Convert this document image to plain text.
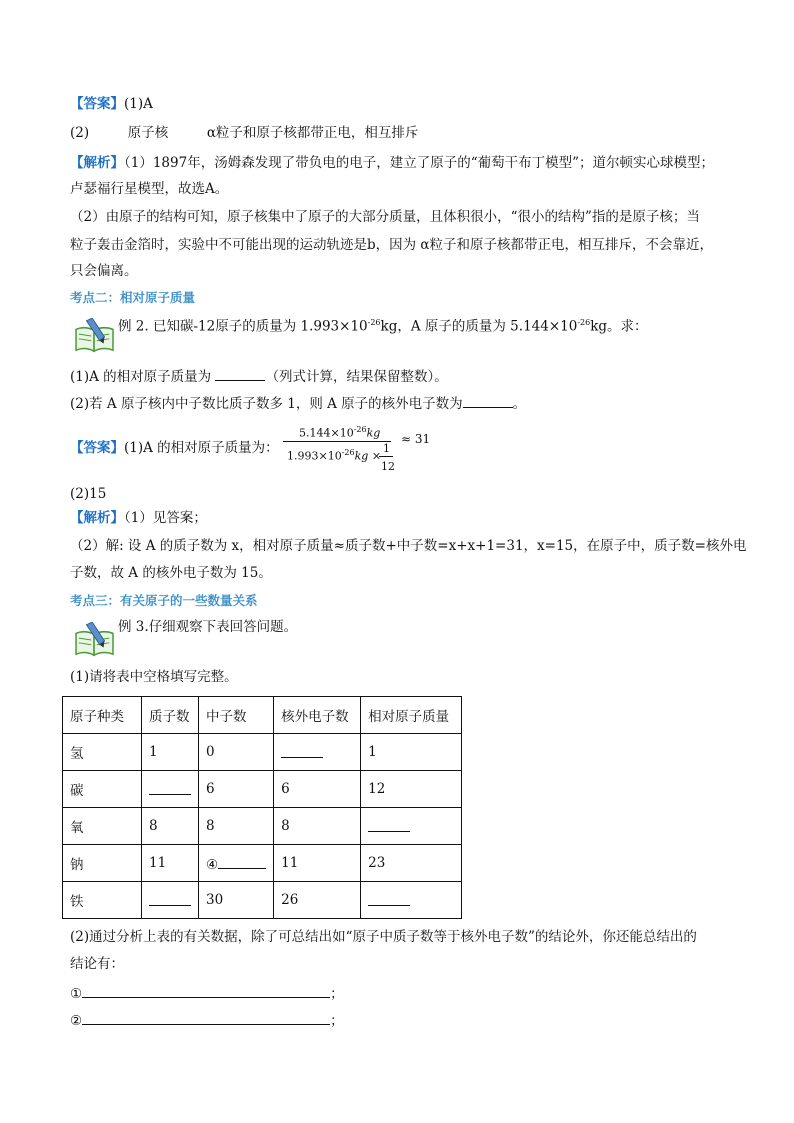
【答案】(1)A
(2)	原子核	α粒子和原子核都带正电，相互排斥
【解析】（1）1897年，汤姆森发现了带负电的电子，建立了原子的“葡萄干布丁模型”；道尔顿实心球模型；
卢瑟福行星模型，故选A。
（2）由原子的结构可知，原子核集中了原子的大部分质量，且体积很小，“很小的结构”指的是原子核；当
粒子轰击金箔时，实验中不可能出现的运动轨迹是b，因为 α粒子和原子核都带正电，相互排斥，不会靠近，
只会偏离。
考点二：相对原子质量
例 2. 已知碳-12原子的质量为 $1.993\times 10^{-26}kg$，A 原子的质量为 $5.144\times 10^{-26}kg$。求：
(1)A 的相对原子质量为	（列式计算，结果保留整数）。
(2)若 A 原子核内中子数比质子数多 1，则 A 原子的核外电子数为	。
【答案】(1)A 的相对原子质量为：
$5.144\times 10^{-26}kg$
$1.993\times 10^{-26}kg$ ×
1
12
≈ 31
(2)15
【解析】（1）见答案；
（2）解: 设 A 的质子数为 x，相对原子质量≈质子数+中子数=x+x+1=31，x=15，在原子中，质子数=核外电
子数，故 A 的核外电子数为 15。
考点三：有关原子的一些数量关系
例 3.仔细观察下表回答问题。
(1)请将表中空格填写完整。
原子种类	质子数	中子数	核外电子数	相对原子质量
氢	1	0		1
碳		6	6	12
氧	8	8	8	
钠	11	④	11	23
铁		30	26	
(2)通过分析上表的有关数据，除了可总结出如“原子中质子数等于核外电子数”的结论外，你还能总结出的
结论有：
①	；
②	；
